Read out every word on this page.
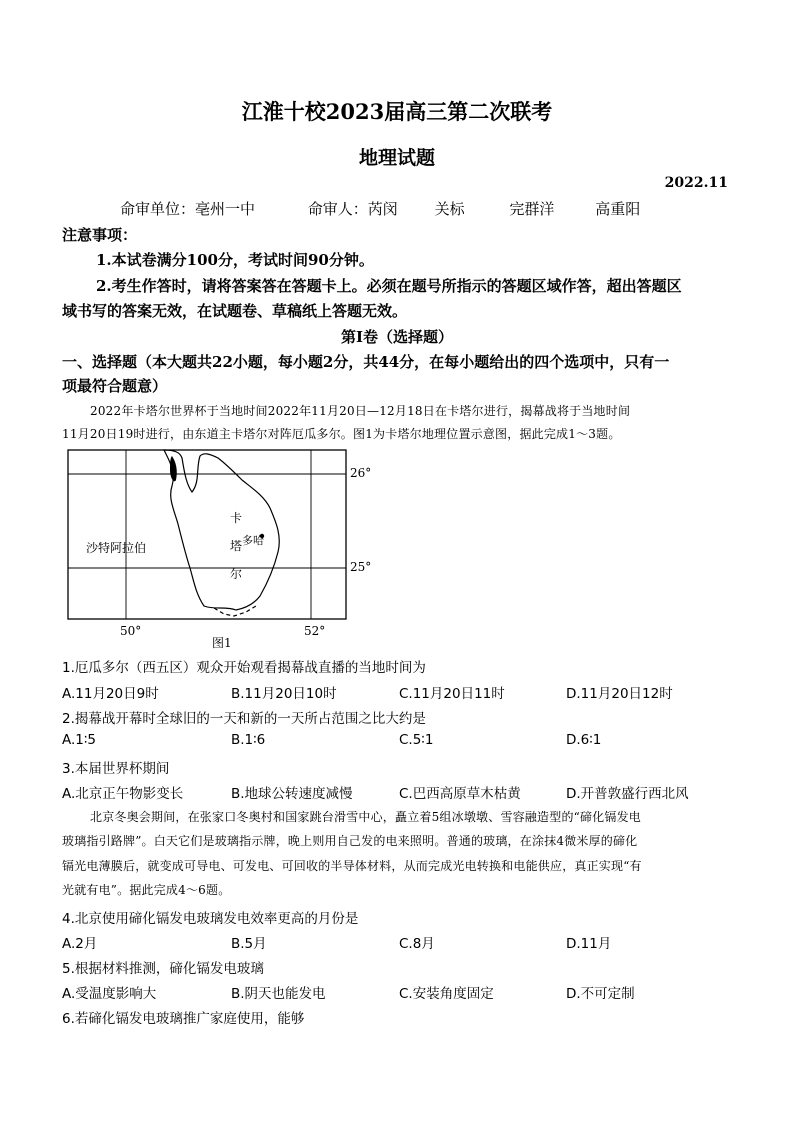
江淮十校2023届高三第二次联考
地理试题
2022.11
命审单位：亳州一中	命审人：芮闵 关标	完群洋	高重阳
注意事项：
1.本试卷满分100分，考试时间90分钟。
2.考生作答时，请将答案答在答题卡上。必须在题号所指示的答题区域作答，超出答题区
域书写的答案无效，在试题卷、草稿纸上答题无效。
第Ⅰ卷（选择题）
一、选择题（本大题共22小题，每小题2分，共44分，在每小题给出的四个选项中，只有一
项最符合题意）
2022年卡塔尔世界杯于当地时间2022年11月20日—12月18日在卡塔尔进行，揭幕战将于当地时间
11月20日19时进行，由东道主卡塔尔对阵厄瓜多尔。图1为卡塔尔地理位置示意图，据此完成1～3题。
沙特阿拉伯
卡
塔
尔
多哈
26°
25°
50°	52°
图1
1.厄瓜多尔（西五区）观众开始观看揭幕战直播的当地时间为
A.11月20日9时	B.11月20日10时	C.11月20日11时	D.11月20日12时
2.揭幕战开幕时全球旧的一天和新的一天所占范围之比大约是
A.1∶5	B.1∶6	C.5∶1	D.6∶1
3.本届世界杯期间
A.北京正午物影变长	B.地球公转速度减慢	C.巴西高原草木枯黄	D.开普敦盛行西北风
北京冬奥会期间，在张家口冬奥村和国家跳台滑雪中心，矗立着5组冰墩墩、雪容融造型的“碲化镉发电
玻璃指引路牌”。白天它们是玻璃指示牌，晚上则用自己发的电来照明。普通的玻璃，在涂抹4微米厚的碲化
镉光电薄膜后，就变成可导电、可发电、可回收的半导体材料，从而完成光电转换和电能供应，真正实现“有
光就有电”。据此完成4～6题。
4.北京使用碲化镉发电玻璃发电效率更高的月份是
A.2月	B.5月	C.8月	D.11月
5.根据材料推测，碲化镉发电玻璃
A.受温度影响大	B.阴天也能发电	C.安装角度固定	D.不可定制
6.若碲化镉发电玻璃推广家庭使用，能够
